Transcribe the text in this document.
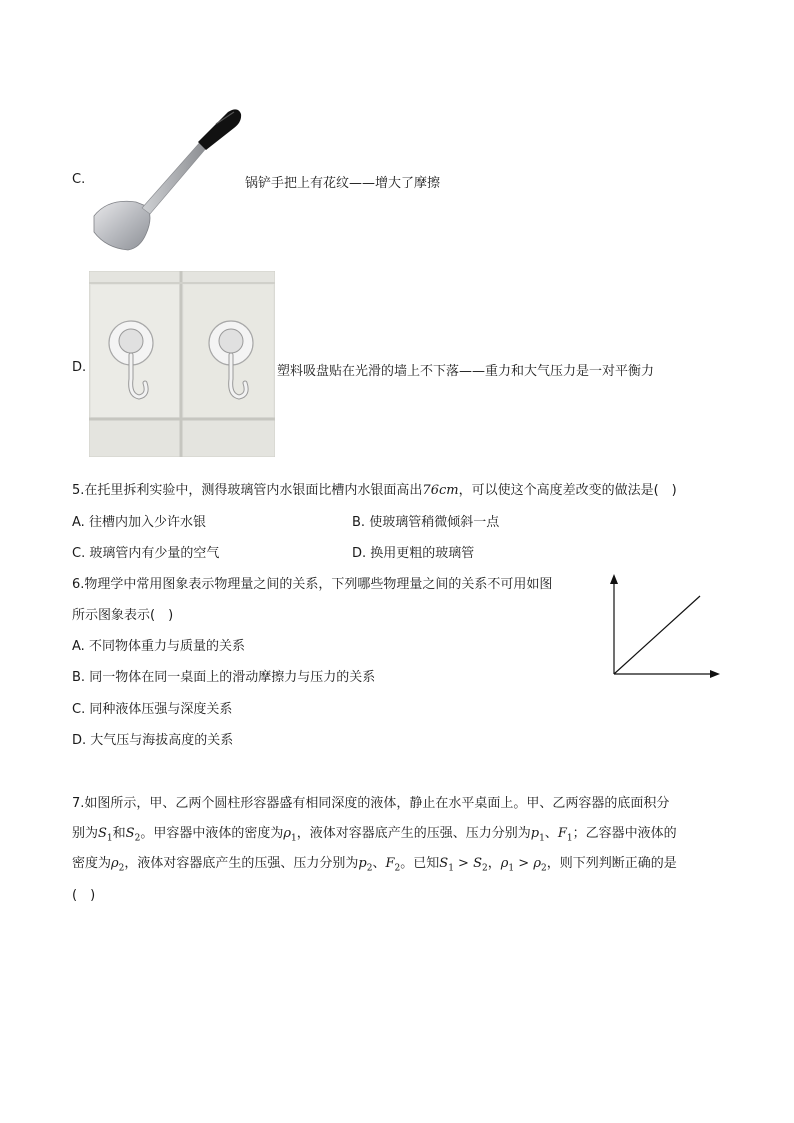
C.	锅铲手把上有花纹——增大了摩擦
D.	塑料吸盘贴在光滑的墙上不下落——重力和大气压力是一对平衡力
5.在托里拆利实验中，测得玻璃管内水银面比槽内水银面高出76cm，可以使这个高度差改变的做法是(　)
A. 往槽内加入少许水银	B. 使玻璃管稍微倾斜一点
C. 玻璃管内有少量的空气	D. 换用更粗的玻璃管
6.物理学中常用图象表示物理量之间的关系，下列哪些物理量之间的关系不可用如图
所示图象表示(　)
A. 不同物体重力与质量的关系
B. 同一物体在同一桌面上的滑动摩擦力与压力的关系
C. 同种液体压强与深度关系
D. 大气压与海拔高度的关系
7.如图所示，甲、乙两个圆柱形容器盛有相同深度的液体，静止在水平桌面上。甲、乙两容器的底面积分
别为$S_1$和$S_2$。甲容器中液体的密度为$\rho_1$，液体对容器底产生的压强、压力分别为$p_1$、$F_1$；乙容器中液体的
密度为$\rho_2$，液体对容器底产生的压强、压力分别为$p_2$、$F_2$。已知$S_1 > S_2$，$\rho_1 > \rho_2$，则下列判断正确的是
(　)
